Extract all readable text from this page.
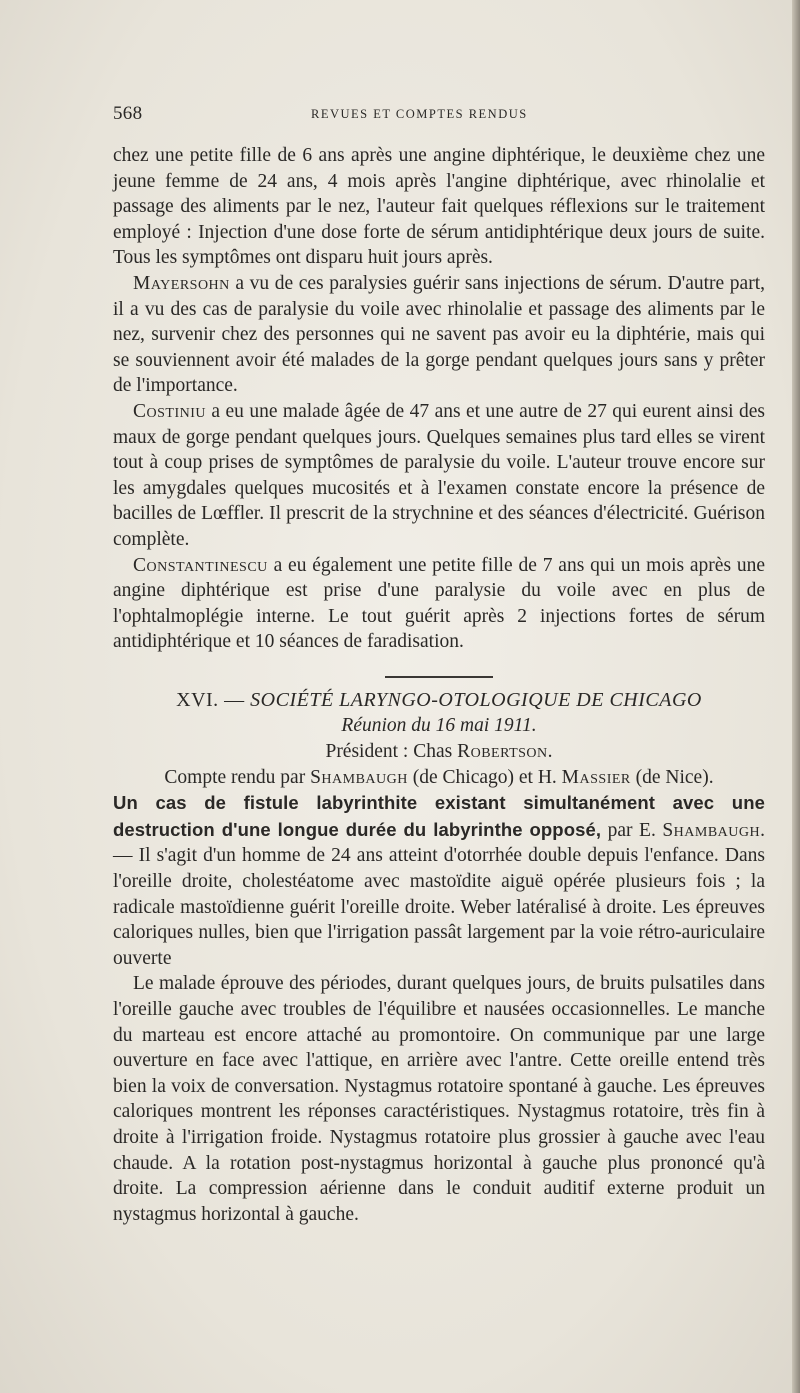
568	REVUES ET COMPTES RENDUS

chez une petite fille de 6 ans après une angine diphtérique, le deuxième chez une jeune femme de 24 ans, 4 mois après l'angine diphtérique, avec rhinolalie et passage des aliments par le nez, l'auteur fait quelques réflexions sur le traitement employé : Injection d'une dose forte de sérum antidiphtérique deux jours de suite. Tous les symptômes ont disparu huit jours après.

Mayersohn a vu de ces paralysies guérir sans injections de sérum. D'autre part, il a vu des cas de paralysie du voile avec rhinolalie et passage des aliments par le nez, survenir chez des personnes qui ne savent pas avoir eu la diphtérie, mais qui se souviennent avoir été malades de la gorge pendant quelques jours sans y prêter de l'importance.

Costiniu a eu une malade âgée de 47 ans et une autre de 27 qui eurent ainsi des maux de gorge pendant quelques jours. Quelques semaines plus tard elles se virent tout à coup prises de symptômes de paralysie du voile. L'auteur trouve encore sur les amygdales quelques mucosités et à l'examen constate encore la présence de bacilles de Lœffler. Il prescrit de la strychnine et des séances d'électricité. Guérison complète.

Constantinescu a eu également une petite fille de 7 ans qui un mois après une angine diphtérique est prise d'une paralysie du voile avec en plus de l'ophtalmoplégie interne. Le tout guérit après 2 injections fortes de sérum antidiphtérique et 10 séances de faradisation.

XVI. — SOCIÉTÉ LARYNGO-OTOLOGIQUE DE CHICAGO

Réunion du 16 mai 1911.

Président : Chas Robertson.

Compte rendu par Shambaugh (de Chicago) et H. Massier (de Nice).

Un cas de fistule labyrinthite existant simultanément avec une destruction d'une longue durée du labyrinthe opposé, par E. Shambaugh. — Il s'agit d'un homme de 24 ans atteint d'otorrhée double depuis l'enfance. Dans l'oreille droite, cholestéatome avec mastoïdite aiguë opérée plusieurs fois ; la radicale mastoïdienne guérit l'oreille droite. Weber latéralisé à droite. Les épreuves caloriques nulles, bien que l'irrigation passât largement par la voie rétro-auriculaire ouverte

Le malade éprouve des périodes, durant quelques jours, de bruits pulsatiles dans l'oreille gauche avec troubles de l'équilibre et nausées occasionnelles. Le manche du marteau est encore attaché au promontoire. On communique par une large ouverture en face avec l'attique, en arrière avec l'antre. Cette oreille entend très bien la voix de conversation. Nystagmus rotatoire spontané à gauche. Les épreuves caloriques montrent les réponses caractéristiques. Nystagmus rotatoire, très fin à droite à l'irrigation froide. Nystagmus rotatoire plus grossier à gauche avec l'eau chaude. A la rotation post-nystagmus horizontal à gauche plus prononcé qu'à droite. La compression aérienne dans le conduit auditif externe produit un nystagmus horizontal à gauche.
